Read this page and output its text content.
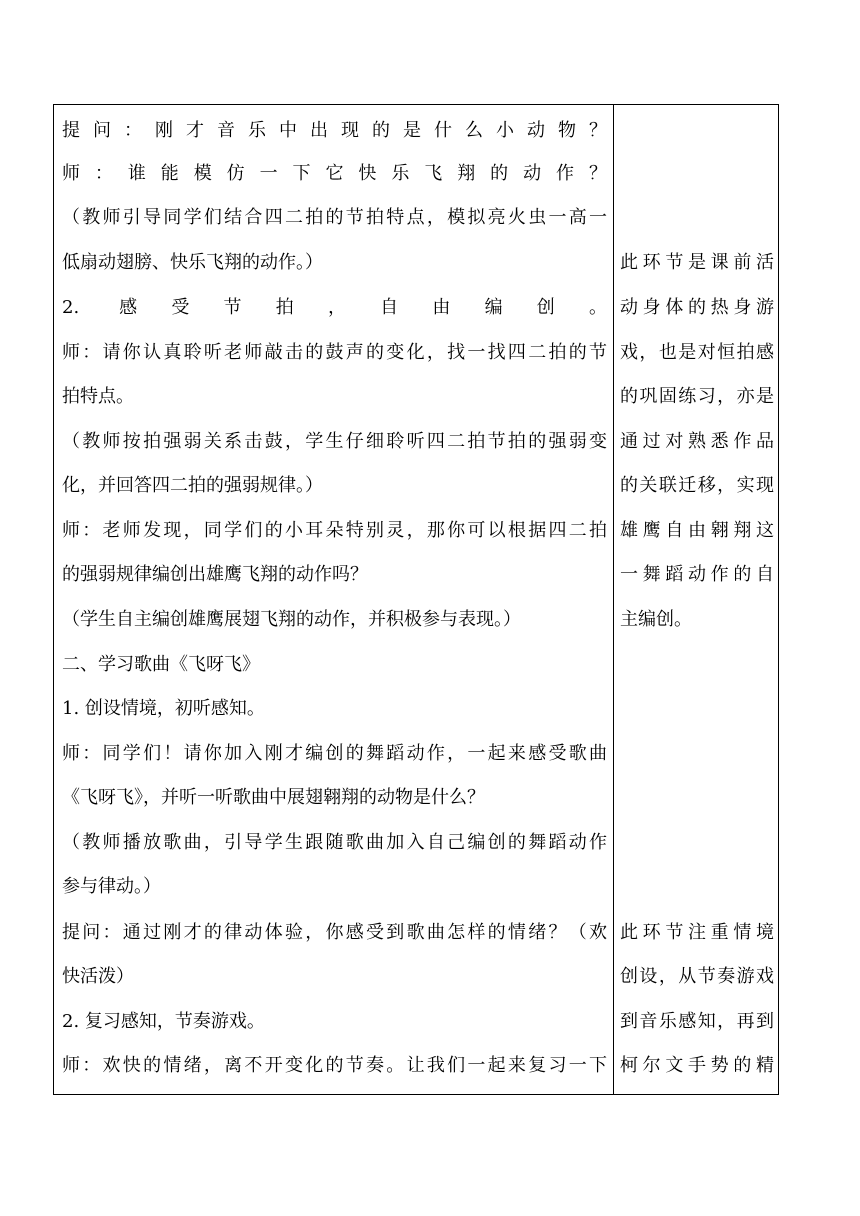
提问：刚才音乐中出现的是什么小动物？
师：谁能模仿一下它快乐飞翔的动作？
（教师引导同学们结合四二拍的节拍特点，模拟亮火虫一高一
低扇动翅膀、快乐飞翔的动作。）
2. 感受节拍，自由编创。
师：请你认真聆听老师敲击的鼓声的变化，找一找四二拍的节
拍特点。
（教师按拍强弱关系击鼓，学生仔细聆听四二拍节拍的强弱变
化，并回答四二拍的强弱规律。）
师：老师发现，同学们的小耳朵特别灵，那你可以根据四二拍
的强弱规律编创出雄鹰飞翔的动作吗？
（学生自主编创雄鹰展翅飞翔的动作，并积极参与表现。）
二、学习歌曲《飞呀飞》
1. 创设情境，初听感知。
师：同学们！请你加入刚才编创的舞蹈动作，一起来感受歌曲
《飞呀飞》，并听一听歌曲中展翅翱翔的动物是什么？
（教师播放歌曲，引导学生跟随歌曲加入自己编创的舞蹈动作
参与律动。）
提问：通过刚才的律动体验，你感受到歌曲怎样的情绪？（欢
快活泼）
2. 复习感知，节奏游戏。
师：欢快的情绪，离不开变化的节奏。让我们一起来复习一下
此环节是课前活
动身体的热身游
戏，也是对恒拍感
的巩固练习，亦是
通过对熟悉作品
的关联迁移，实现
雄鹰自由翱翔这
一舞蹈动作的自
主编创。
此环节注重情境
创设，从节奏游戏
到音乐感知，再到
柯尔文手势的精
